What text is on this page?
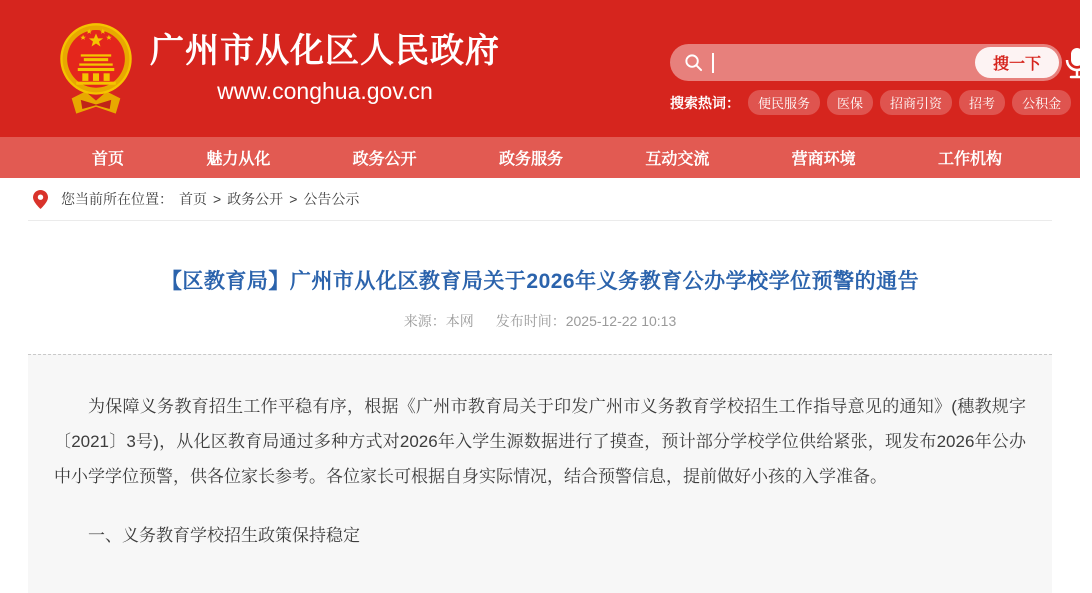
广州市从化区人民政府
www.conghua.gov.cn
搜一下
搜索热词：	便民服务	医保	招商引资	招考	公积金
首页	魅力从化	政务公开	政务服务	互动交流	营商环境	工作机构
您当前所在位置： 首页 > 政务公开 > 公告公示
【区教育局】广州市从化区教育局关于2026年义务教育公办学校学位预警的通告
来源：本网 发布时间：2025-12-22 10:13

为保障义务教育招生工作平稳有序，根据《广州市教育局关于印发广州市义务教育学校招生工作指导意见的通知》(穗教规字〔2021〕3号)，从化区教育局通过多种方式对2026年入学生源数据进行了摸查，预计部分学校学位供给紧张，现发布2026年公办中小学学位预警，供各位家长参考。各位家长可根据自身实际情况，结合预警信息，提前做好小孩的入学准备。

一、义务教育学校招生政策保持稳定
